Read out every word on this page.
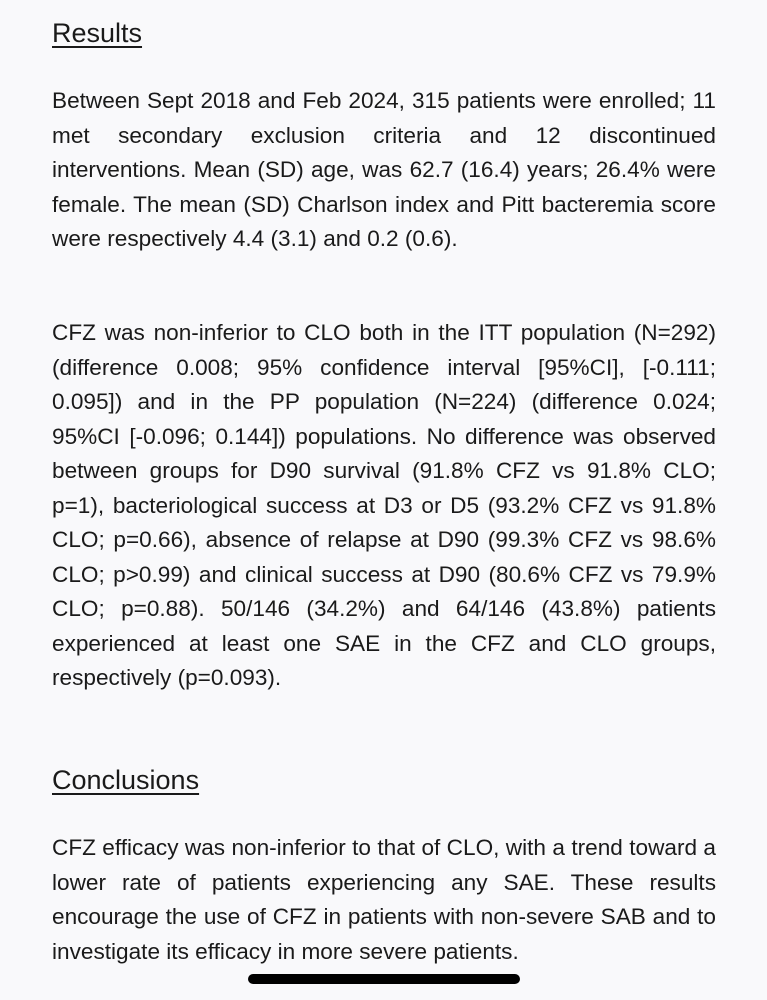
Results

Between Sept 2018 and Feb 2024, 315 patients were enrolled; 11 met secondary exclusion criteria and 12 discontinued interventions. Mean (SD) age, was 62.7 (16.4) years; 26.4% were female. The mean (SD) Charlson index and Pitt bacteremia score were respectively 4.4 (3.1) and 0.2 (0.6).

CFZ was non-inferior to CLO both in the ITT population (N=292) (difference 0.008; 95% confidence interval [95%CI], [-0.111; 0.095]) and in the PP population (N=224) (difference 0.024; 95%CI [-0.096; 0.144]) populations. No difference was observed between groups for D90 survival (91.8% CFZ vs 91.8% CLO; p=1), bacteriological success at D3 or D5 (93.2% CFZ vs 91.8% CLO; p=0.66), absence of relapse at D90 (99.3% CFZ vs 98.6% CLO; p>0.99) and clinical success at D90 (80.6% CFZ vs 79.9% CLO; p=0.88). 50/146 (34.2%) and 64/146 (43.8%) patients experienced at least one SAE in the CFZ and CLO groups, respectively (p=0.093).

Conclusions

CFZ efficacy was non-inferior to that of CLO, with a trend toward a lower rate of patients experiencing any SAE. These results encourage the use of CFZ in patients with non-severe SAB and to investigate its efficacy in more severe patients.
